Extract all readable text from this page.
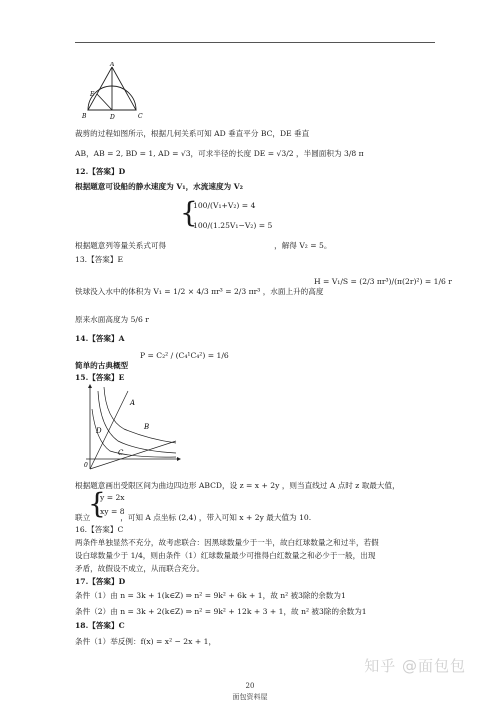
A
B	C
D
E
裁剪的过程如图所示，根据几何关系可知 AD 垂直平分 BC，DE 垂直
AB，AB = 2, BD = 1, AD = √3，可求半径的长度 DE = √3/2 ，半圆面积为 3/8 π
12.【答案】D
根据题意可设船的静水速度为 V₁，水流速度为 V₂
{
100/(V₁+V₂) = 4
100/(1.25V₁−V₂) = 5
根据题意列等量关系式可得	，解得 V₂ = 5。
13.【答案】E
铁球没入水中的体积为 V₁ = 1/2 × 4/3 πr³ = 2/3 πr³ ，水面上升的高度
H = V₁/S = (2/3 πr³)/(π(2r)²) = 1/6 r
原来水面高度为 5/6 r
14.【答案】A
P = C₂² / (C₄¹C₄²) = 1/6
简单的古典概型
15.【答案】E
A
B
C
D
0
根据题意画出受限区间为曲边四边形 ABCD，设 z = x + 2y ，则当直线过 A 点时 z 取最大值，
{
y = 2x
xy = 8
联立	，可知 A 点坐标 (2,4) ，带入可知 x + 2y 最大值为 10.
16.【答案】C
两条件单独显然不充分，故考虑联合：因黑球数量少于一半，故白红球数量之和过半，若假
设白球数量少于 1/4，则由条件（1）红球数量最少可推得白红数量之和必少于一般，出现
矛盾，故假设不成立，从而联合充分。
17.【答案】D
条件（1）由 n = 3k + 1(k∈Z) ⇒ n² = 9k² + 6k + 1，故 n² 被3除的余数为1
条件（2）由 n = 3k + 2(k∈Z) ⇒ n² = 9k² + 12k + 3 + 1，故 n² 被3除的余数为1
18.【答案】C
条件（1）举反例：f(x) = x² − 2x + 1，
知乎 @面包包
20
面包资料屋
